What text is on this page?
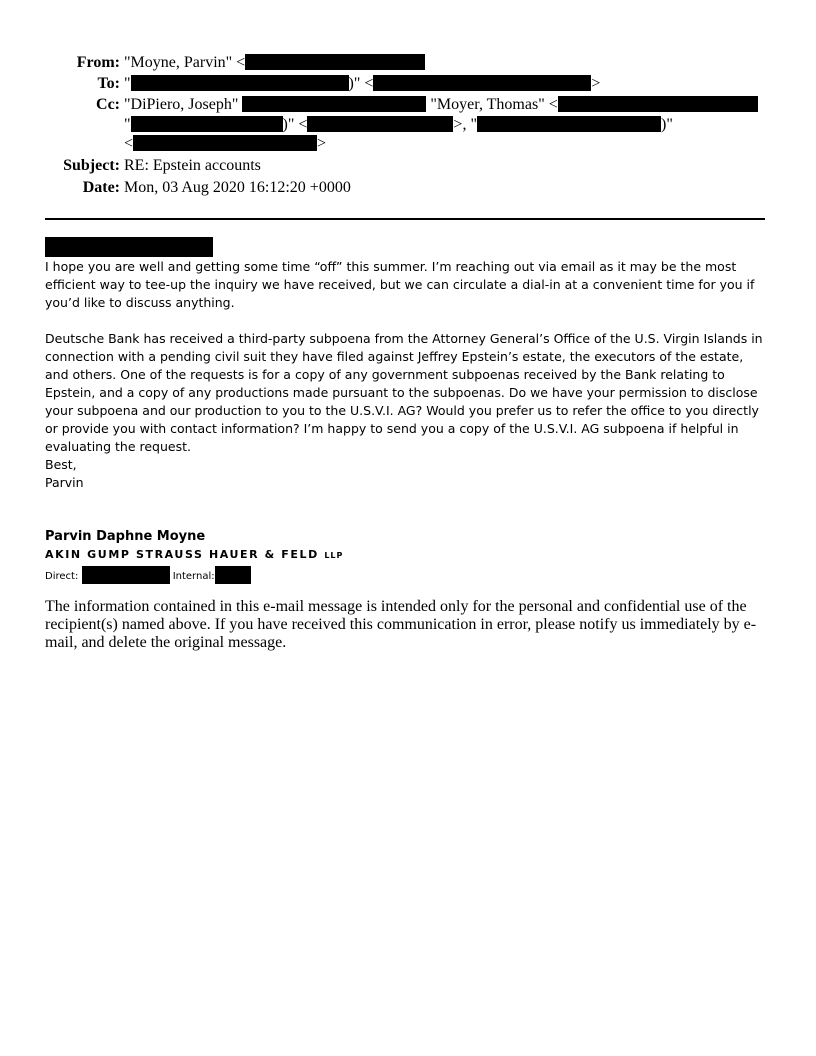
From: "Moyne, Parvin" <
To: "	)" <	>
Cc: "DiPiero, Joseph"	"Moyer, Thomas" <
"	)" <	>, "	)"
<	>
Subject: RE: Epstein accounts
Date: Mon, 03 Aug 2020 16:12:20 +0000

I hope you are well and getting some time “off” this summer. I’m reaching out via email as it may be the most efficient way to tee-up the inquiry we have received, but we can circulate a dial-in at a convenient time for you if you’d like to discuss anything.

Deutsche Bank has received a third-party subpoena from the Attorney General’s Office of the U.S. Virgin Islands in connection with a pending civil suit they have filed against Jeffrey Epstein’s estate, the executors of the estate, and others. One of the requests is for a copy of any government subpoenas received by the Bank relating to Epstein, and a copy of any productions made pursuant to the subpoenas. Do we have your permission to disclose your subpoena and our production to you to the U.S.V.I. AG? Would you prefer us to refer the office to you directly or provide you with contact information? I’m happy to send you a copy of the U.S.V.I. AG subpoena if helpful in evaluating the request.

Best,

Parvin

Parvin Daphne Moyne
AKIN GUMP STRAUSS HAUER & FELD LLP
Direct:	Internal:
The information contained in this e-mail message is intended only for the personal and confidential use of the recipient(s) named above. If you have received this communication in error, please notify us immediately by e-mail, and delete the original message.
